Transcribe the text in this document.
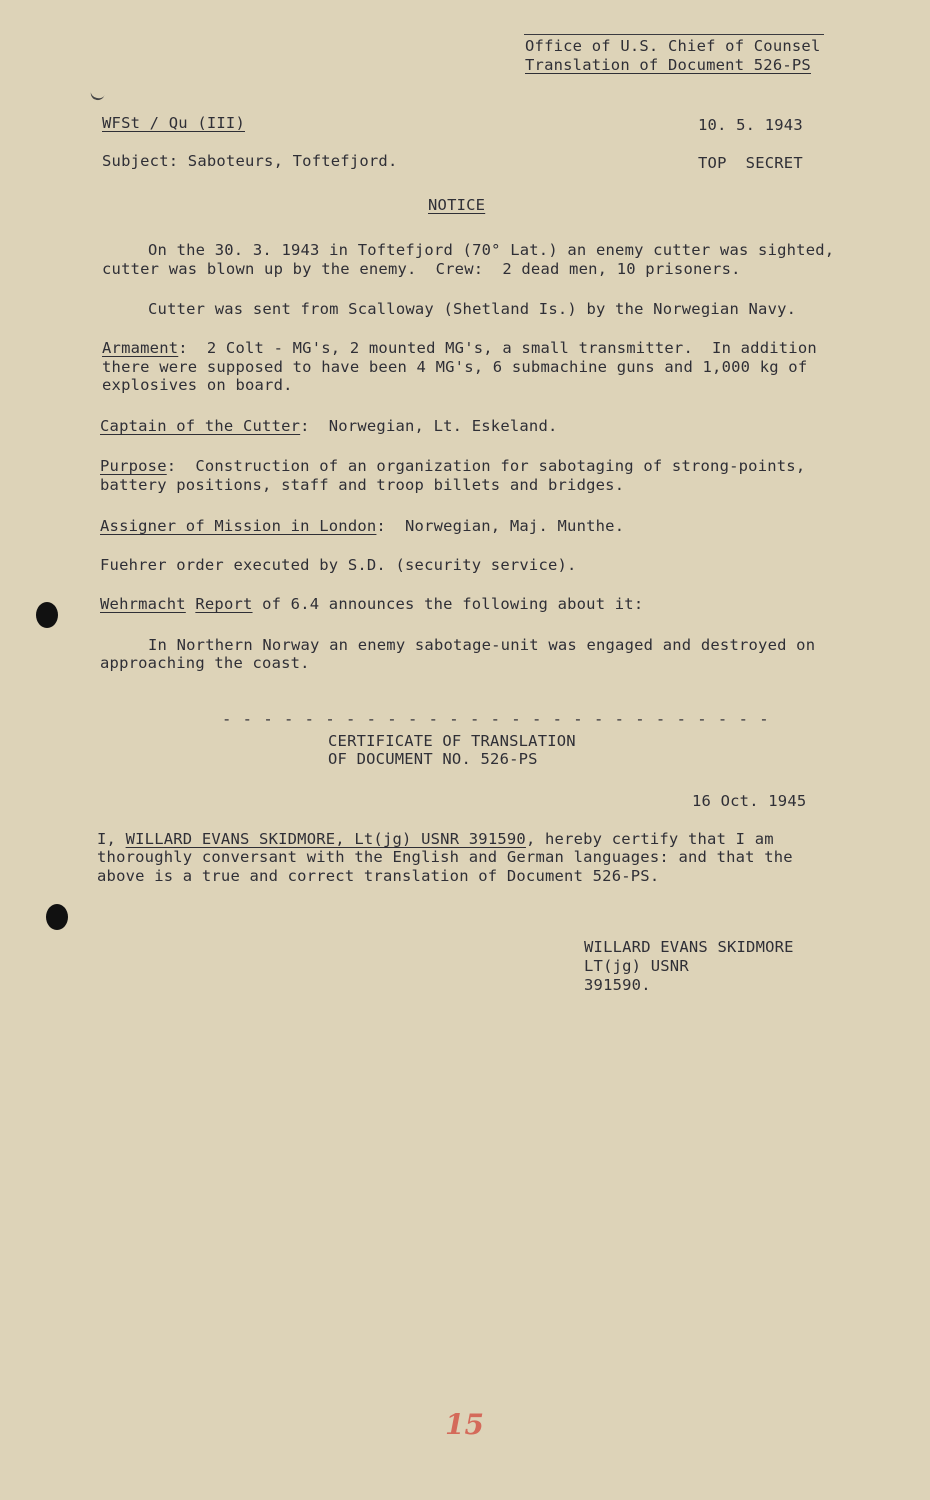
Office of U.S. Chief of Counsel
Translation of Document 526-PS
WFSt / Qu (III)	10. 5. 1943
Subject: Saboteurs, Toftefjord.	TOP  SECRET
NOTICE
On the 30. 3. 1943 in Toftefjord (70° Lat.) an enemy cutter was sighted,
cutter was blown up by the enemy.  Crew:  2 dead men, 10 prisoners.
Cutter was sent from Scalloway (Shetland Is.) by the Norwegian Navy.
Armament:  2 Colt - MG's, 2 mounted MG's, a small transmitter.  In addition
there were supposed to have been 4 MG's, 6 submachine guns and 1,000 kg of
explosives on board.
Captain of the Cutter:  Norwegian, Lt. Eskeland.
Purpose:  Construction of an organization for sabotaging of strong-points,
battery positions, staff and troop billets and bridges.
Assigner of Mission in London:  Norwegian, Maj. Munthe.
Fuehrer order executed by S.D. (security service).
Wehrmacht Report of 6.4 announces the following about it:
In Northern Norway an enemy sabotage-unit was engaged and destroyed on
approaching the coast.
- - - - - - - - - - - - - - - - - - - - - - - - - - -
CERTIFICATE OF TRANSLATION
OF DOCUMENT NO. 526-PS
16 Oct. 1945
I, WILLARD EVANS SKIDMORE, Lt(jg) USNR 391590, hereby certify that I am
thoroughly conversant with the English and German languages: and that the
above is a true and correct translation of Document 526-PS.
WILLARD EVANS SKIDMORE
LT(jg) USNR
391590.
15
